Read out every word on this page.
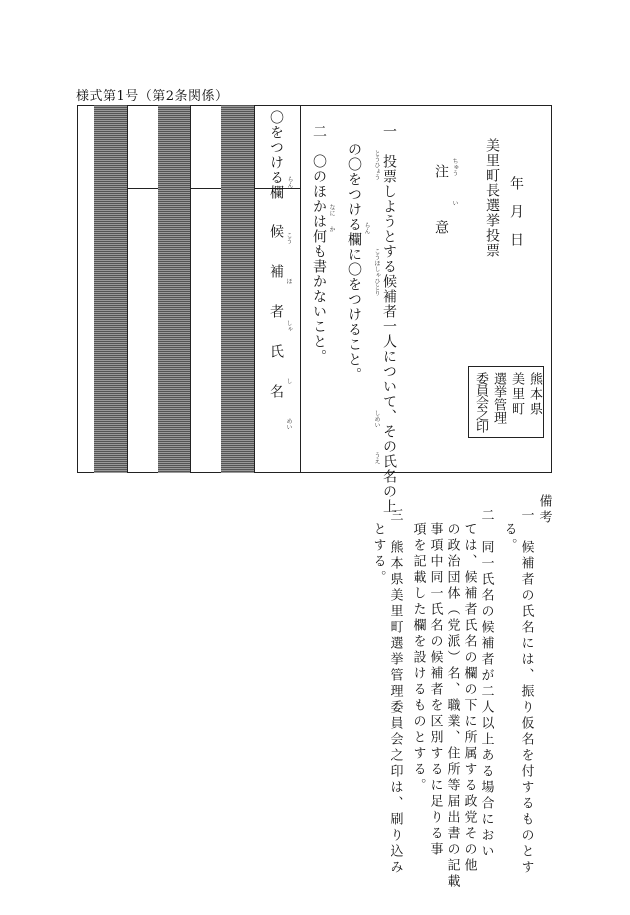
様式第1号（第2条関係）
〇をつける欄 らん
候補者氏名 こう
ほ
しゃ
し
めい
二　〇のほかは何も書かないこと。 なに
か の〇をつける欄に〇をつけること。 らん 一　投票しようとする候補者一人について、その氏名の上
とうひょう
こうほしゃひとり
しめい
うえ
注　意 ちゅう
い 美里町長選挙投票 年　月　日
熊本県
美里町
選挙管理
委員会之印
備考
一　候補者の氏名には、振り仮名を付するものとす
る。
二　同一氏名の候補者が二人以上ある場合におい
ては、候補者氏名の欄の下に所属する政党その他
の政治団体（党派）名、職業、住所等届出書の記載
事項中同一氏名の候補者を区別するに足りる事
項を記載した欄を設けるものとする。
三　熊本県美里町選挙管理委員会之印は、刷り込み
とする。
